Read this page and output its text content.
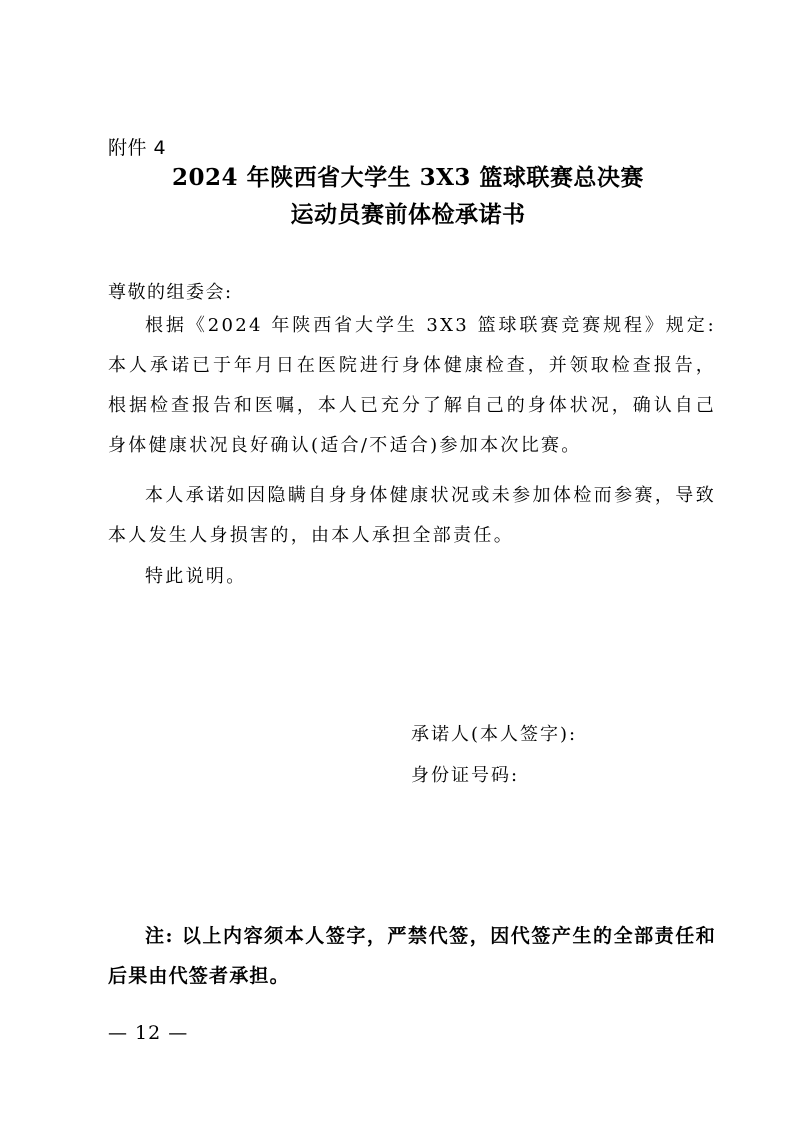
附件 4
2024 年陕西省大学生 3X3 篮球联赛总决赛
运动员赛前体检承诺书
尊敬的组委会:
根据《2024 年陕西省大学生 3X3 篮球联赛竞赛规程》规定: 本人承诺已于年月日在医院进行身体健康检查，并领取检查报告，根据检查报告和医嘱，本人已充分了解自己的身体状况，确认自己身体健康状况良好确认(适合/不适合)参加本次比赛。
本人承诺如因隐瞒自身身体健康状况或未参加体检而参赛，导致本人发生人身损害的，由本人承担全部责任。
特此说明。
承诺人(本人签字):
身份证号码:
注: 以上内容须本人签字，严禁代签，因代签产生的全部责任和后果由代签者承担。
— 12 —
